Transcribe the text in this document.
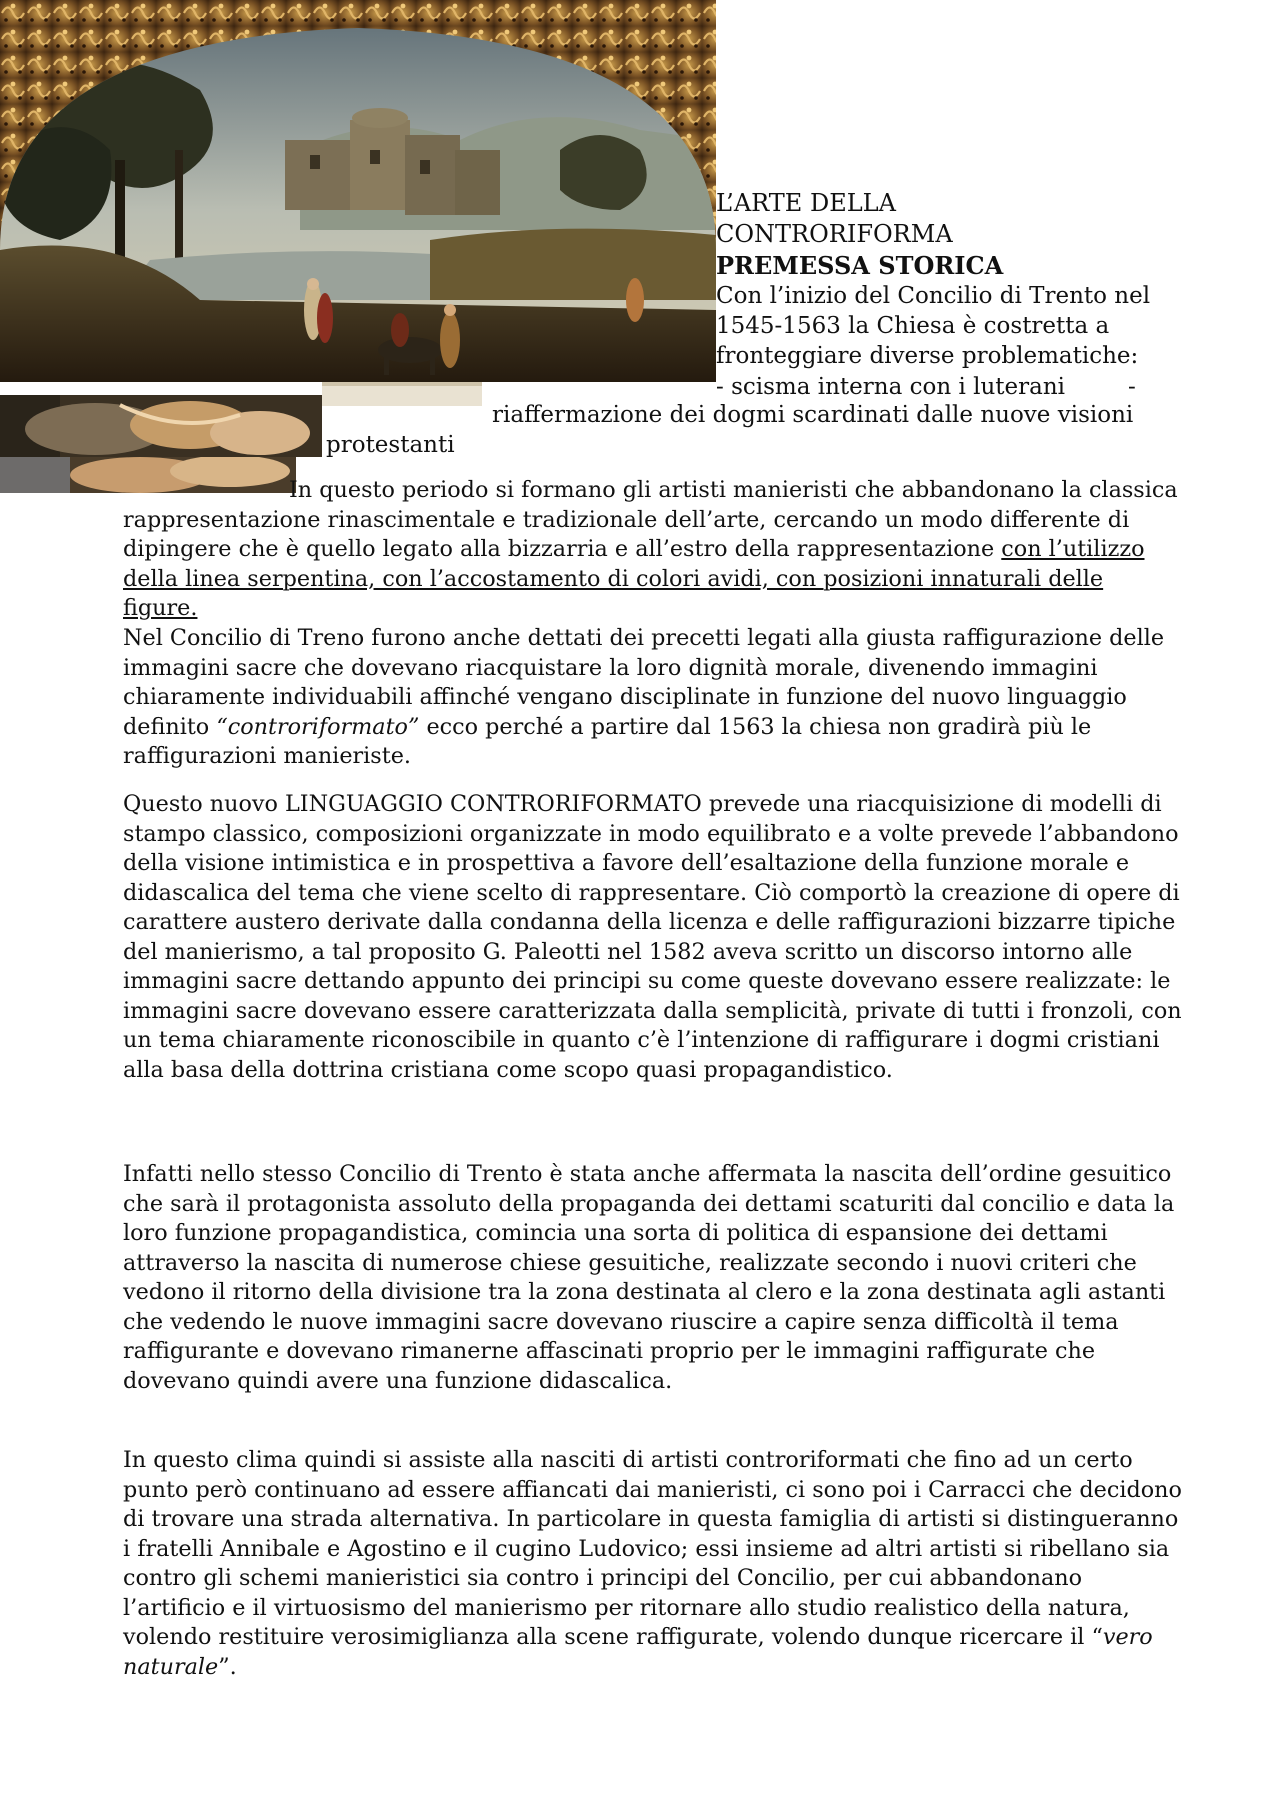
L’ARTE DELLA
CONTRORIFORMA
PREMESSA STORICA
Con l’inizio del Concilio di Trento nel
1545-1563 la Chiesa è costretta a
fronteggiare diverse problematiche:
- scisma interna con i luterani	-
riaffermazione dei dogmi scardinati dalle nuove visioni
protestanti

In questo periodo si formano gli artisti manieristi che abbandonano la classica rappresentazione rinascimentale e tradizionale dell’arte, cercando un modo differente di dipingere che è quello legato alla bizzarria e all’estro della rappresentazione con l’utilizzo della linea serpentina, con l’accostamento di colori avidi, con posizioni innaturali delle figure.

Nel Concilio di Treno furono anche dettati dei precetti legati alla giusta raffigurazione delle immagini sacre che dovevano riacquistare la loro dignità morale, divenendo immagini chiaramente individuabili affinché vengano disciplinate in funzione del nuovo linguaggio definito “controriformato” ecco perché a partire dal 1563 la chiesa non gradirà più le raffigurazioni manieriste.

Questo nuovo LINGUAGGIO CONTRORIFORMATO prevede una riacquisizione di modelli di stampo classico, composizioni organizzate in modo equilibrato e a volte prevede l’abbandono della visione intimistica e in prospettiva a favore dell’esaltazione della funzione morale e didascalica del tema che viene scelto di rappresentare. Ciò comportò la creazione di opere di carattere austero derivate dalla condanna della licenza e delle raffigurazioni bizzarre tipiche del manierismo, a tal proposito G. Paleotti nel 1582 aveva scritto un discorso intorno alle immagini sacre dettando appunto dei principi su come queste dovevano essere realizzate: le immagini sacre dovevano essere caratterizzata dalla semplicità, private di tutti i fronzoli, con un tema chiaramente riconoscibile in quanto c’è l’intenzione di raffigurare i dogmi cristiani alla basa della dottrina cristiana come scopo quasi propagandistico.

Infatti nello stesso Concilio di Trento è stata anche affermata la nascita dell’ordine gesuitico che sarà il protagonista assoluto della propaganda dei dettami scaturiti dal concilio e data la loro funzione propagandistica, comincia una sorta di politica di espansione dei dettami attraverso la nascita di numerose chiese gesuitiche, realizzate secondo i nuovi criteri che vedono il ritorno della divisione tra la zona destinata al clero e la zona destinata agli astanti che vedendo le nuove immagini sacre dovevano riuscire a capire senza difficoltà il tema raffigurante e dovevano rimanerne affascinati proprio per le immagini raffigurate che dovevano quindi avere una funzione didascalica.

In questo clima quindi si assiste alla nasciti di artisti controriformati che fino ad un certo punto però continuano ad essere affiancati dai manieristi, ci sono poi i Carracci che decidono di trovare una strada alternativa. In particolare in questa famiglia di artisti si distingueranno i fratelli Annibale e Agostino e il cugino Ludovico; essi insieme ad altri artisti si ribellano sia contro gli schemi manieristici sia contro i principi del Concilio, per cui abbandonano l’artificio e il virtuosismo del manierismo per ritornare allo studio realistico della natura, volendo restituire verosimiglianza alla scene raffigurate, volendo dunque ricercare il “vero naturale”.
